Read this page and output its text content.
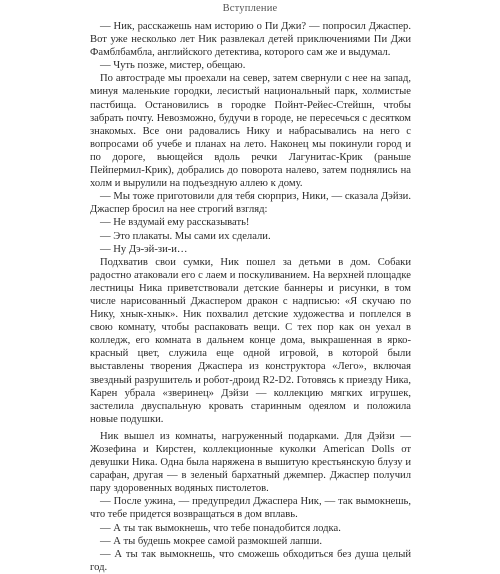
Вступление

— Ник, расскажешь нам историю о Пи Джи? — попросил Джаспер. Вот уже несколько лет Ник развлекал детей приключениями Пи Джи Фамблбамбла, английского детектива, которого сам же и выдумал.

— Чуть позже, мистер, обещаю.

По автостраде мы проехали на север, затем свернули с нее на запад, минуя маленькие городки, лесистый национальный парк, холмистые пастбища. Остановились в городке Пойнт-Рейес-Стейшн, чтобы забрать почту. Невозможно, будучи в городе, не пересечься с десятком знакомых. Все они радовались Нику и набрасывались на него с вопросами об учебе и планах на лето. Наконец мы покинули город и по дороге, вьющейся вдоль речки Лагунитас-Крик (раньше Пейпермил-Крик), добрались до поворота налево, затем поднялись на холм и вырулили на подъездную аллею к дому.

— Мы тоже приготовили для тебя сюрприз, Ники, — сказала Дэйзи. Джаспер бросил на нее строгий взгляд:

— Не вздумай ему рассказывать!

— Это плакаты. Мы сами их сделали.

— Ну Дэ-эй-зи-и…

Подхватив свои сумки, Ник пошел за детьми в дом. Собаки радостно атаковали его с лаем и поскуливанием. На верхней площадке лестницы Ника приветствовали детские баннеры и рисунки, в том числе нарисованный Джаспером дракон с надписью: «Я скучаю по Нику, хнык-хнык». Ник похвалил детские художества и поплелся в свою комнату, чтобы распаковать вещи. С тех пор как он уехал в колледж, его комната в дальнем конце дома, выкрашенная в ярко-красный цвет, служила еще одной игровой, в которой были выставлены творения Джаспера из конструктора «Лего», включая звездный разрушитель и робот-дроид R2-D2. Готовясь к приезду Ника, Карен убрала «зверинец» Дэйзи — коллекцию мягких игрушек, застелила двуспальную кровать старинным одеялом и положила новые подушки.

Ник вышел из комнаты, нагруженный подарками. Для Дэйзи — Жозефина и Кирстен, коллекционные куколки American Dolls от девушки Ника. Одна была наряжена в вышитую крестьянскую блузу и сарафан, другая — в зеленый бархатный джемпер. Джаспер получил пару здоровенных водяных пистолетов.

— После ужина, — предупредил Джаспера Ник, — так вымокнешь, что тебе придется возвращаться в дом вплавь.

— А ты так вымокнешь, что тебе понадобится лодка.

— А ты будешь мокрее самой размокшей лапши.

— А ты так вымокнешь, что сможешь обходиться без душа целый год.
